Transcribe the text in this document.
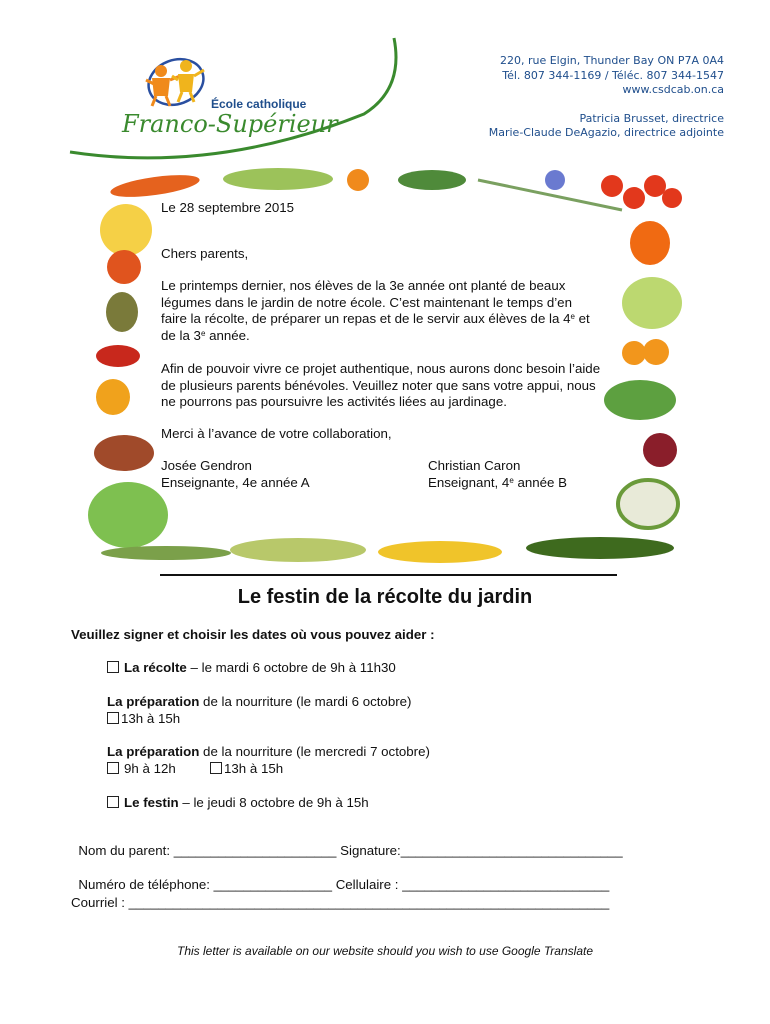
École catholique
Franco-Supérieur
220, rue Elgin, Thunder Bay ON P7A 0A4
Tél. 807 344-1169 / Téléc. 807 344-1547
www.csdcab.on.ca
Patricia Brusset, directrice
Marie-Claude DeAgazio, directrice adjointe
Le 28 septembre 2015
Chers parents,
Le printemps dernier, nos élèves de la 3e année ont planté de beaux légumes dans le jardin de notre école. C’est maintenant le temps d’en faire la récolte, de préparer un repas et de le servir aux élèves de la 4e et de la 3e année.
Afin de pouvoir vivre ce projet authentique, nous aurons donc besoin l’aide de plusieurs parents bénévoles. Veuillez noter que sans votre appui, nous ne pourrons pas poursuivre les activités liées au jardinage.
Merci à l’avance de votre collaboration,
Josée Gendron
Enseignante, 4e année A
Christian Caron
Enseignant, 4e année B
Le festin de la récolte du jardin
Veuillez signer et choisir les dates où vous pouvez aider :
La récolte – le mardi 6 octobre de 9h à 11h30
La préparation de la nourriture (le mardi 6 octobre)
13h à 15h
La préparation de la nourriture (le mercredi 7 octobre)
9h à 12h	13h à 15h
Le festin – le jeudi 8 octobre de 9h à 15h

Nom du parent: ______________________ Signature:______________________________

Numéro de téléphone: ________________ Cellulaire : ____________________________

Courriel : _________________________________________________________________
This letter is available on our website should you wish to use Google Translate
